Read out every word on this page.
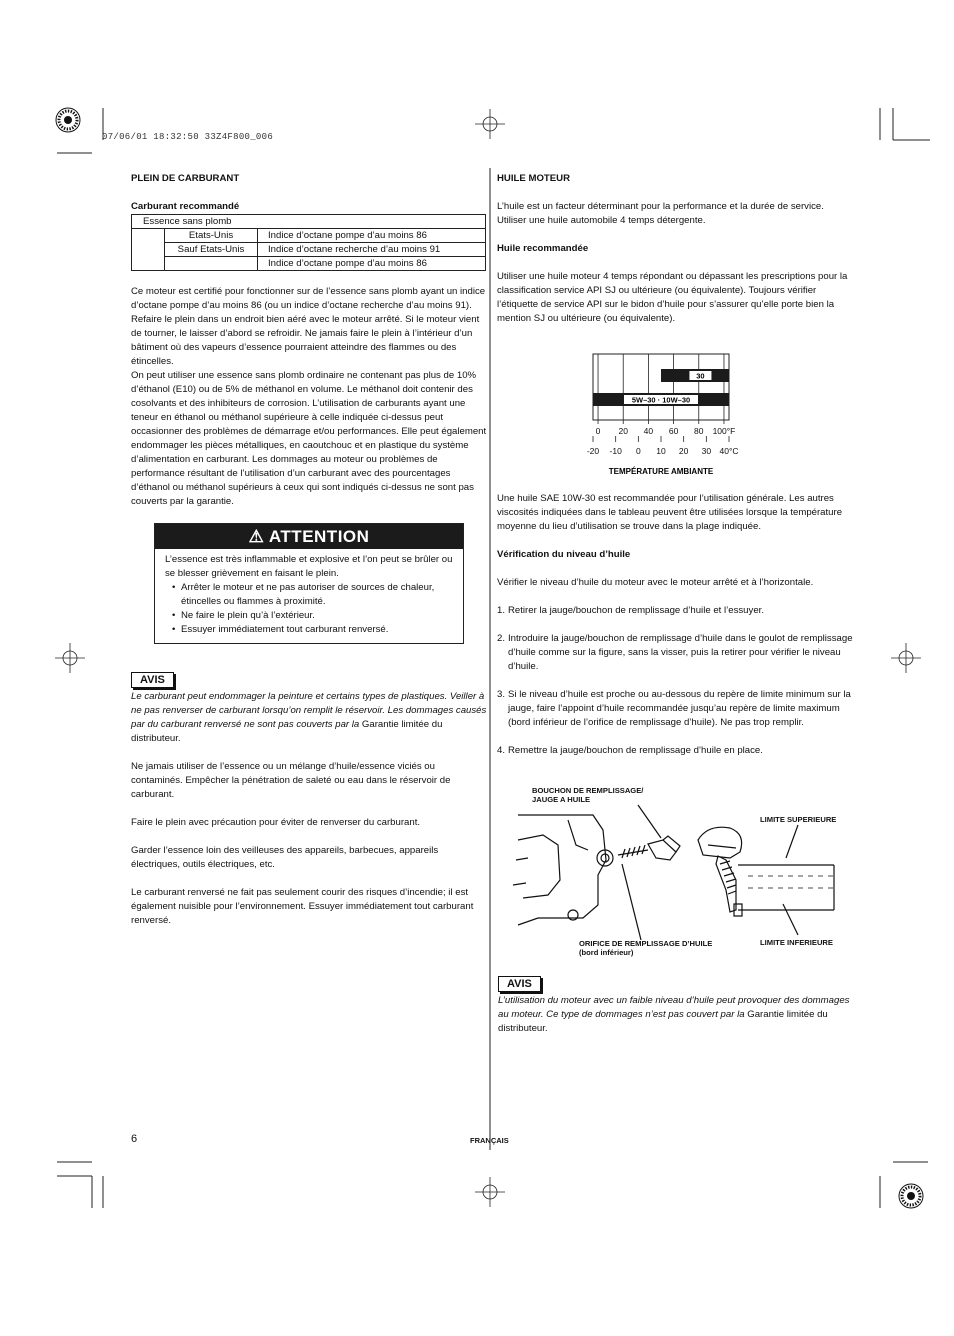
07/06/01 18:32:50 33Z4F800_006

PLEIN DE CARBURANT

Carburant recommandé

Essence sans plomb		
	Etats-Unis	Indice d’octane pompe d’au moins 86
	Sauf Etats-Unis	Indice d’octane recherche d’au moins 91
		Indice d’octane pompe d’au moins 86

Ce moteur est certifié pour fonctionner sur de l’essence sans plomb ayant un indice d’octane pompe d’au moins 86 (ou un indice d’octane recherche d’au moins 91).

Refaire le plein dans un endroit bien aéré avec le moteur arrêté. Si le moteur vient de tourner, le laisser d’abord se refroidir. Ne jamais faire le plein à l’intérieur d’un bâtiment où des vapeurs d’essence pourraient atteindre des flammes ou des étincelles.

On peut utiliser une essence sans plomb ordinaire ne contenant pas plus de 10% d’éthanol (E10) ou de 5% de méthanol en volume. Le méthanol doit contenir des cosolvants et des inhibiteurs de corrosion. L’utilisation de carburants ayant une teneur en éthanol ou méthanol supérieure à celle indiquée ci-dessus peut occasionner des problèmes de démarrage et/ou performances. Elle peut également endommager les pièces métalliques, en caoutchouc et en plastique du système d’alimentation en carburant. Les dommages au moteur ou problèmes de performance résultant de l’utilisation d’un carburant avec des pourcentages d’éthanol ou méthanol supérieurs à ceux qui sont indiqués ci-dessus ne sont pas couverts par la garantie.

⚠ ATTENTION

L’essence est très inflammable et explosive et l’on peut se brûler ou se blesser grièvement en faisant le plein.

• Arrêter le moteur et ne pas autoriser de sources de chaleur, étincelles ou flammes à proximité.
• Ne faire le plein qu’à l’extérieur.
• Essuyer immédiatement tout carburant renversé.
AVIS

Le carburant peut endommager la peinture et certains types de plastiques. Veiller à ne pas renverser de carburant lorsqu’on remplit le réservoir. Les dommages causés par du carburant renversé ne sont pas couverts par la Garantie limitée du distributeur.

Ne jamais utiliser de l’essence ou un mélange d’huile/essence viciés ou contaminés. Empêcher la pénétration de saleté ou eau dans le réservoir de carburant.

Faire le plein avec précaution pour éviter de renverser du carburant.

Garder l’essence loin des veilleuses des appareils, barbecues, appareils électriques, outils électriques, etc.

Le carburant renversé ne fait pas seulement courir des risques d’incendie; il est également nuisible pour l’environnement. Essuyer immédiatement tout carburant renversé.

HUILE MOTEUR

L’huile est un facteur déterminant pour la performance et la durée de service. Utiliser une huile automobile 4 temps détergente.

Huile recommandée

Utiliser une huile moteur 4 temps répondant ou dépassant les prescriptions pour la classification service API SJ ou ultérieure (ou équivalente). Toujours vérifier l’étiquette de service API sur le bidon d’huile pour s’assurer qu’elle porte bien la mention SJ ou ultérieure (ou équivalente).

30
5W​–30 · 10W​–30
0 20 40 60 80 100°F
-20 -10 0 10 20 30 40°C
TEMPÉRATURE AMBIANTE

Une huile SAE 10W-30 est recommandée pour l’utilisation générale. Les autres viscosités indiquées dans le tableau peuvent être utilisées lorsque la température moyenne du lieu d’utilisation se trouve dans la plage indiquée.

Vérification du niveau d’huile

Vérifier le niveau d’huile du moteur avec le moteur arrêté et à l’horizontale.

1. Retirer la jauge/bouchon de remplissage d’huile et l’essuyer.
2. Introduire la jauge/bouchon de remplissage d’huile dans le goulot de remplissage d’huile comme sur la figure, sans la visser, puis la retirer pour vérifier le niveau d’huile.
3. Si le niveau d’huile est proche ou au-dessous du repère de limite minimum sur la jauge, faire l’appoint d’huile recommandée jusqu’au repère de limite maximum (bord inférieur de l’orifice de remplissage d’huile). Ne pas trop remplir.
4. Remettre la jauge/bouchon de remplissage d’huile en place.
BOUCHON DE REMPLISSAGE/
JAUGE A HUILE
LIMITE SUPERIEURE
LIMITE INFERIEURE
ORIFICE DE REMPLISSAGE D’HUILE
(bord inférieur)
AVIS

L’utilisation du moteur avec un faible niveau d’huile peut provoquer des dommages au moteur. Ce type de dommages n’est pas couvert par la Garantie limitée du distributeur.

6	FRANÇAIS
